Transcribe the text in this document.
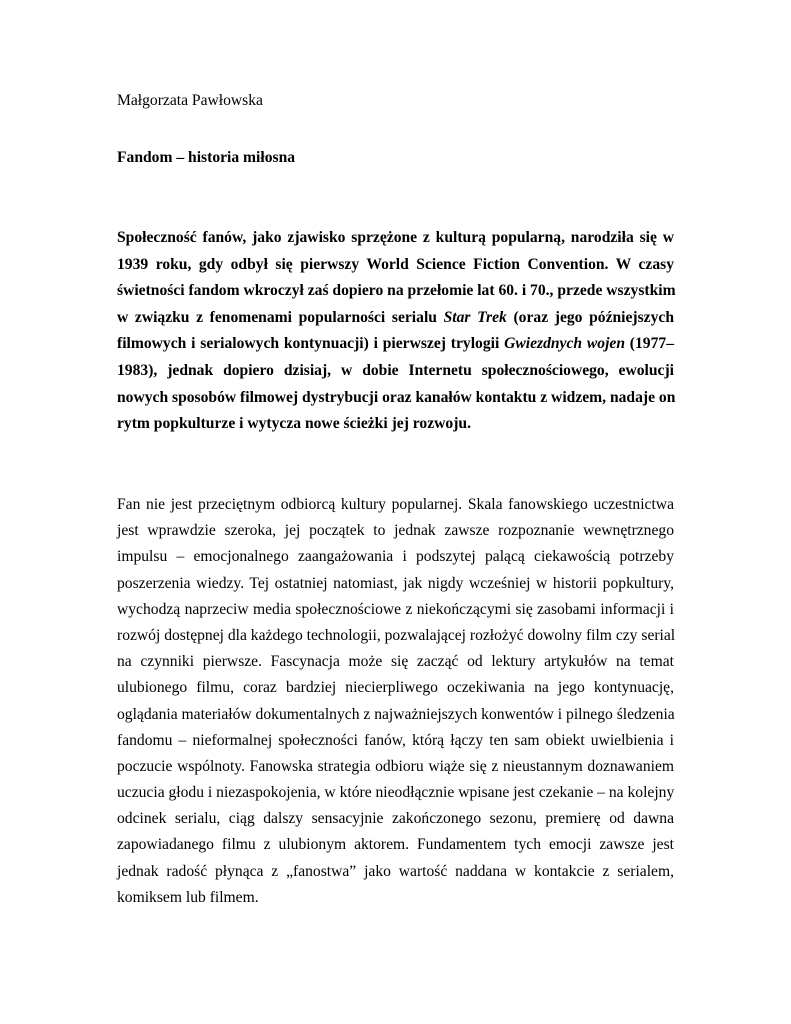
Małgorzata Pawłowska
Fandom – historia miłosna
Społeczność fanów, jako zjawisko sprzężone z kulturą popularną, narodziła się w
1939 roku, gdy odbył się pierwszy World Science Fiction Convention. W czasy
świetności fandom wkroczył zaś dopiero na przełomie lat 60. i 70., przede wszystkim
w związku z fenomenami popularności serialu Star Trek (oraz jego późniejszych
filmowych i serialowych kontynuacji) i pierwszej trylogii Gwiezdnych wojen (1977–
1983), jednak dopiero dzisiaj, w dobie Internetu społecznościowego, ewolucji
nowych sposobów filmowej dystrybucji oraz kanałów kontaktu z widzem, nadaje on
rytm popkulturze i wytycza nowe ścieżki jej rozwoju.
Fan nie jest przeciętnym odbiorcą kultury popularnej. Skala fanowskiego uczestnictwa
jest wprawdzie szeroka, jej początek to jednak zawsze rozpoznanie wewnętrznego
impulsu – emocjonalnego zaangażowania i podszytej palącą ciekawością potrzeby
poszerzenia wiedzy. Tej ostatniej natomiast, jak nigdy wcześniej w historii popkultury,
wychodzą naprzeciw media społecznościowe z niekończącymi się zasobami informacji i
rozwój dostępnej dla każdego technologii, pozwalającej rozłożyć dowolny film czy serial
na czynniki pierwsze. Fascynacja może się zacząć od lektury artykułów na temat
ulubionego filmu, coraz bardziej niecierpliwego oczekiwania na jego kontynuację,
oglądania materiałów dokumentalnych z najważniejszych konwentów i pilnego śledzenia
fandomu – nieformalnej społeczności fanów, którą łączy ten sam obiekt uwielbienia i
poczucie wspólnoty. Fanowska strategia odbioru wiąże się z nieustannym doznawaniem
uczucia głodu i niezaspokojenia, w które nieodłącznie wpisane jest czekanie – na kolejny
odcinek serialu, ciąg dalszy sensacyjnie zakończonego sezonu, premierę od dawna
zapowiadanego filmu z ulubionym aktorem. Fundamentem tych emocji zawsze jest
jednak radość płynąca z „fanostwa” jako wartość naddana w kontakcie z serialem,
komiksem lub filmem.
